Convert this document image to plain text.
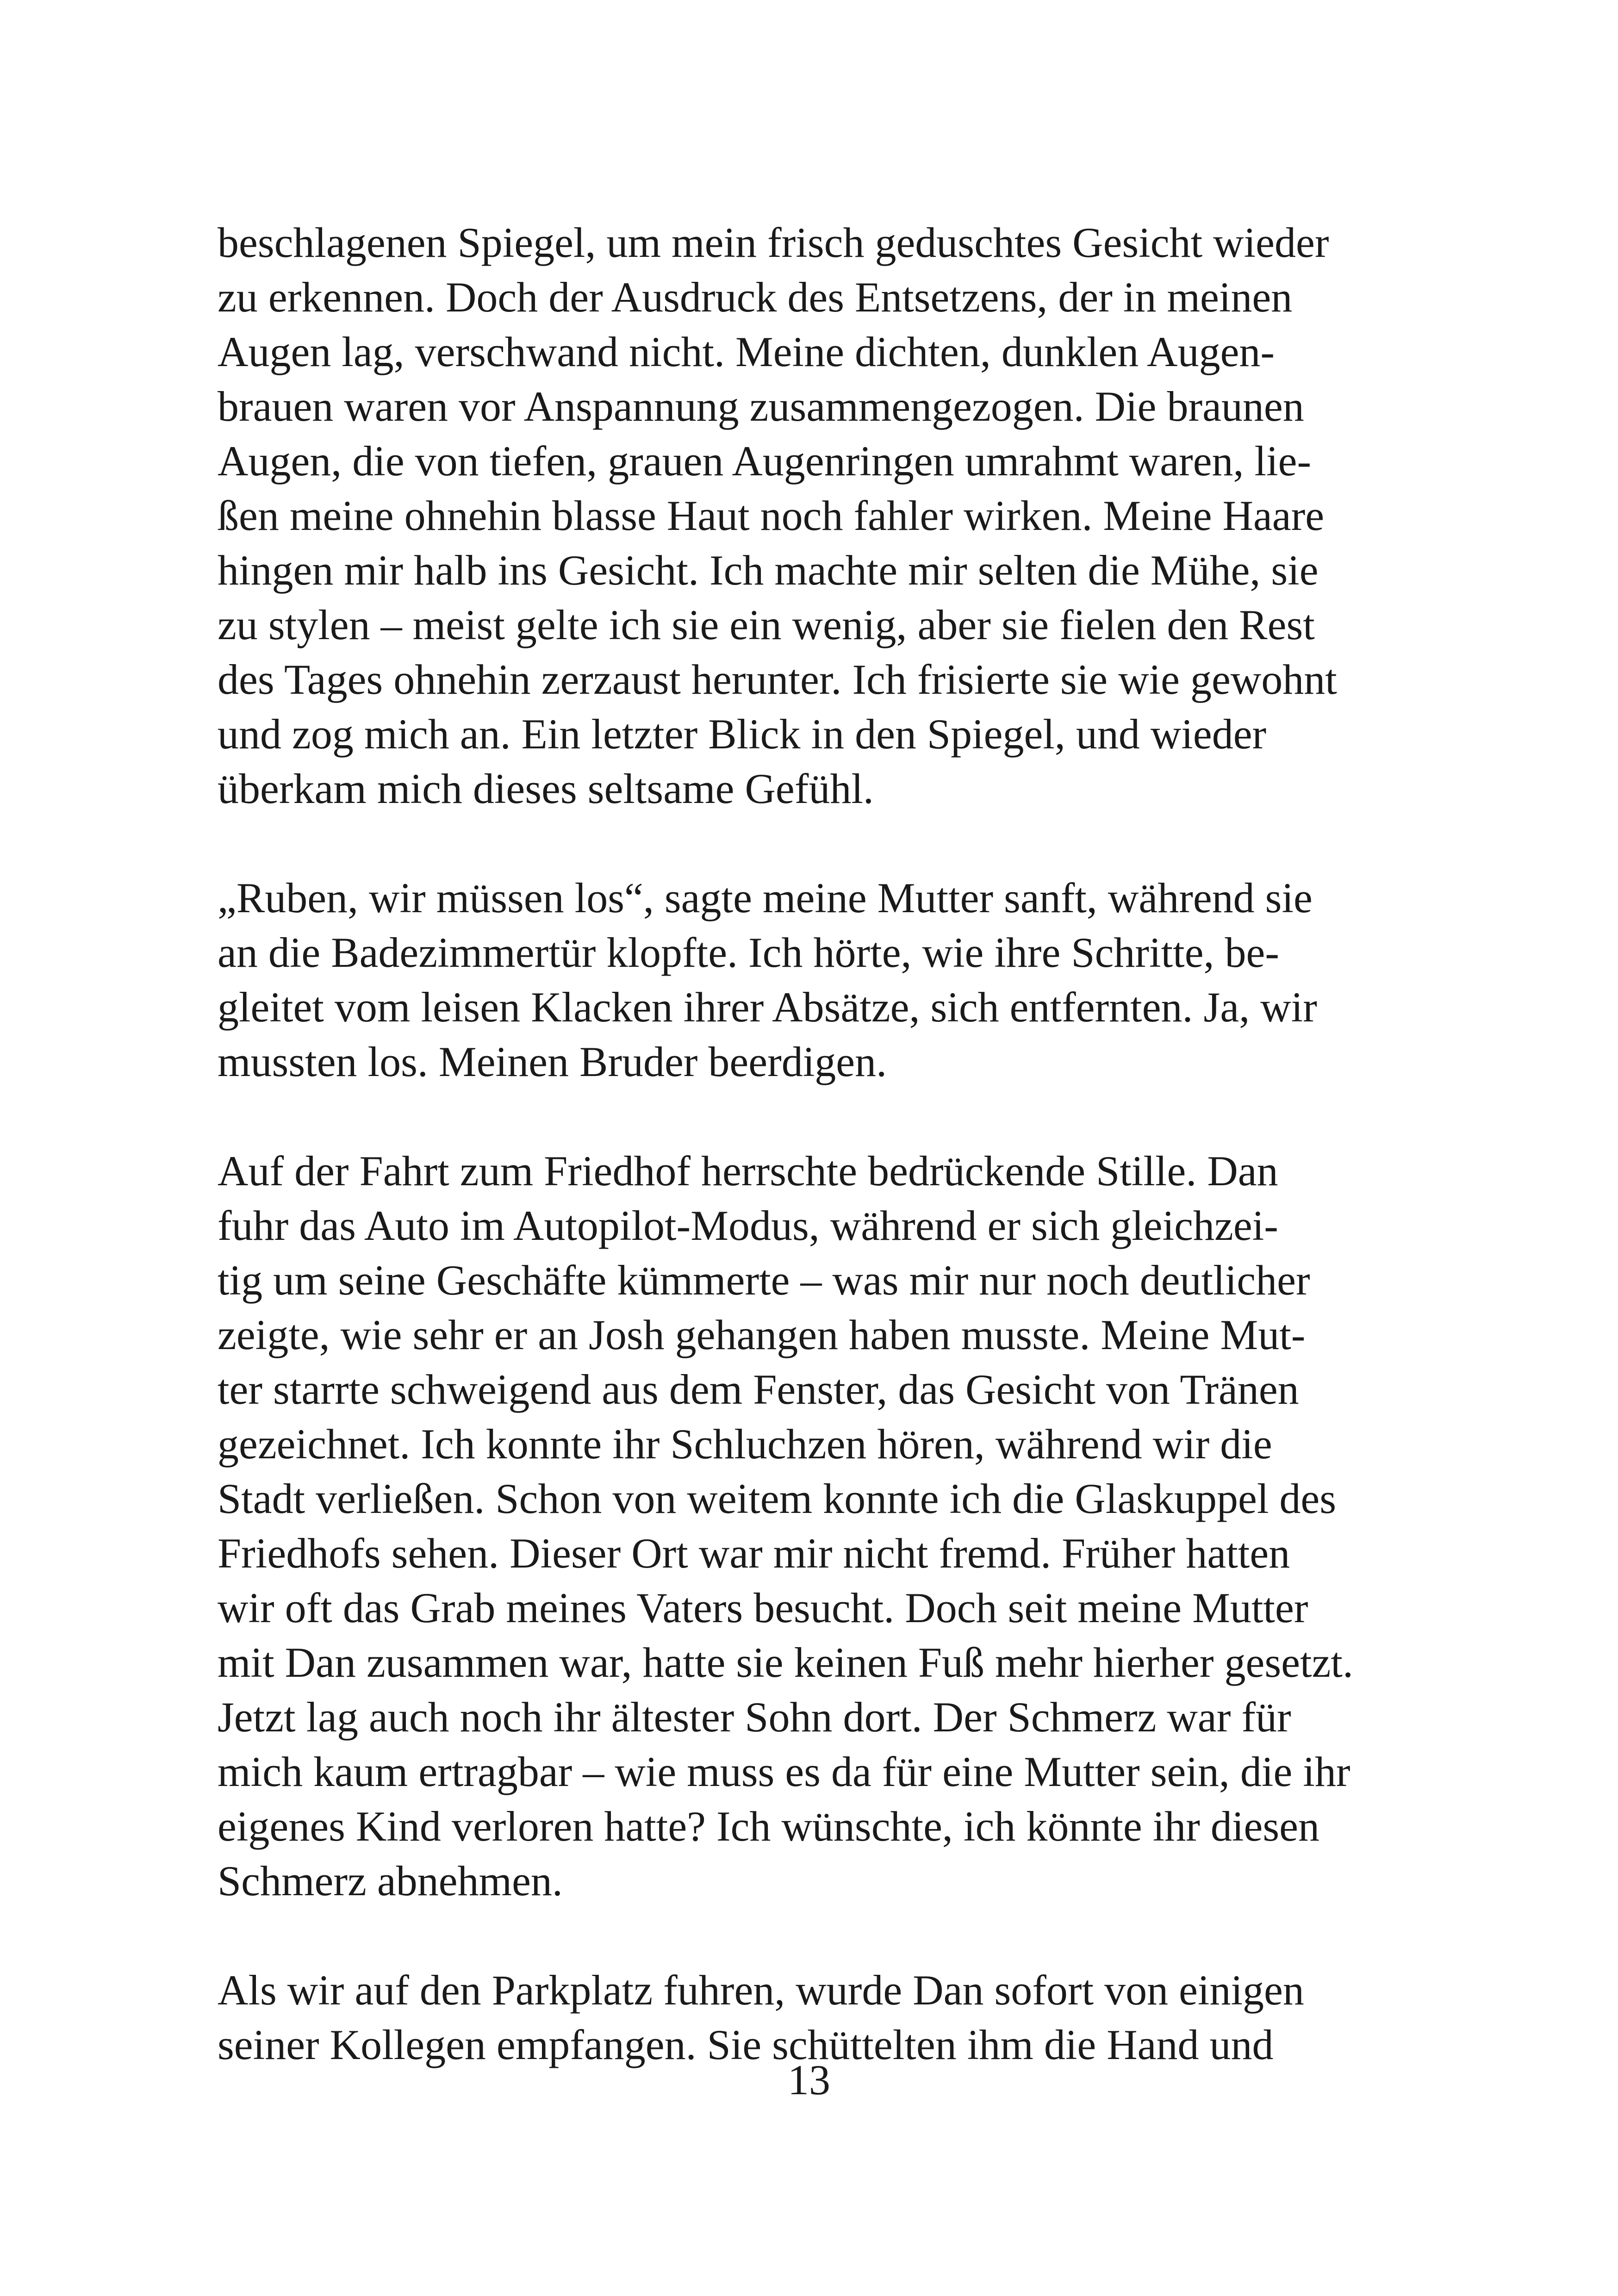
beschlagenen Spiegel, um mein frisch geduschtes Gesicht wieder
zu erkennen. Doch der Ausdruck des Entsetzens, der in meinen
Augen lag, verschwand nicht. Meine dichten, dunklen Augen-
brauen waren vor Anspannung zusammengezogen. Die braunen
Augen, die von tiefen, grauen Augenringen umrahmt waren, lie-
ßen meine ohnehin blasse Haut noch fahler wirken. Meine Haare
hingen mir halb ins Gesicht. Ich machte mir selten die Mühe, sie
zu stylen – meist gelte ich sie ein wenig, aber sie fielen den Rest
des Tages ohnehin zerzaust herunter. Ich frisierte sie wie gewohnt
und zog mich an. Ein letzter Blick in den Spiegel, und wieder
überkam mich dieses seltsame Gefühl.
„Ruben, wir müssen los“, sagte meine Mutter sanft, während sie
an die Badezimmertür klopfte. Ich hörte, wie ihre Schritte, be-
gleitet vom leisen Klacken ihrer Absätze, sich entfernten. Ja, wir
mussten los. Meinen Bruder beerdigen.
Auf der Fahrt zum Friedhof herrschte bedrückende Stille. Dan
fuhr das Auto im Autopilot-Modus, während er sich gleichzei-
tig um seine Geschäfte kümmerte – was mir nur noch deutlicher
zeigte, wie sehr er an Josh gehangen haben musste. Meine Mut-
ter starrte schweigend aus dem Fenster, das Gesicht von Tränen
gezeichnet. Ich konnte ihr Schluchzen hören, während wir die
Stadt verließen. Schon von weitem konnte ich die Glaskuppel des
Friedhofs sehen. Dieser Ort war mir nicht fremd. Früher hatten
wir oft das Grab meines Vaters besucht. Doch seit meine Mutter
mit Dan zusammen war, hatte sie keinen Fuß mehr hierher gesetzt.
Jetzt lag auch noch ihr ältester Sohn dort. Der Schmerz war für
mich kaum ertragbar – wie muss es da für eine Mutter sein, die ihr
eigenes Kind verloren hatte? Ich wünschte, ich könnte ihr diesen
Schmerz abnehmen.
Als wir auf den Parkplatz fuhren, wurde Dan sofort von einigen
seiner Kollegen empfangen. Sie schüttelten ihm die Hand und
13
